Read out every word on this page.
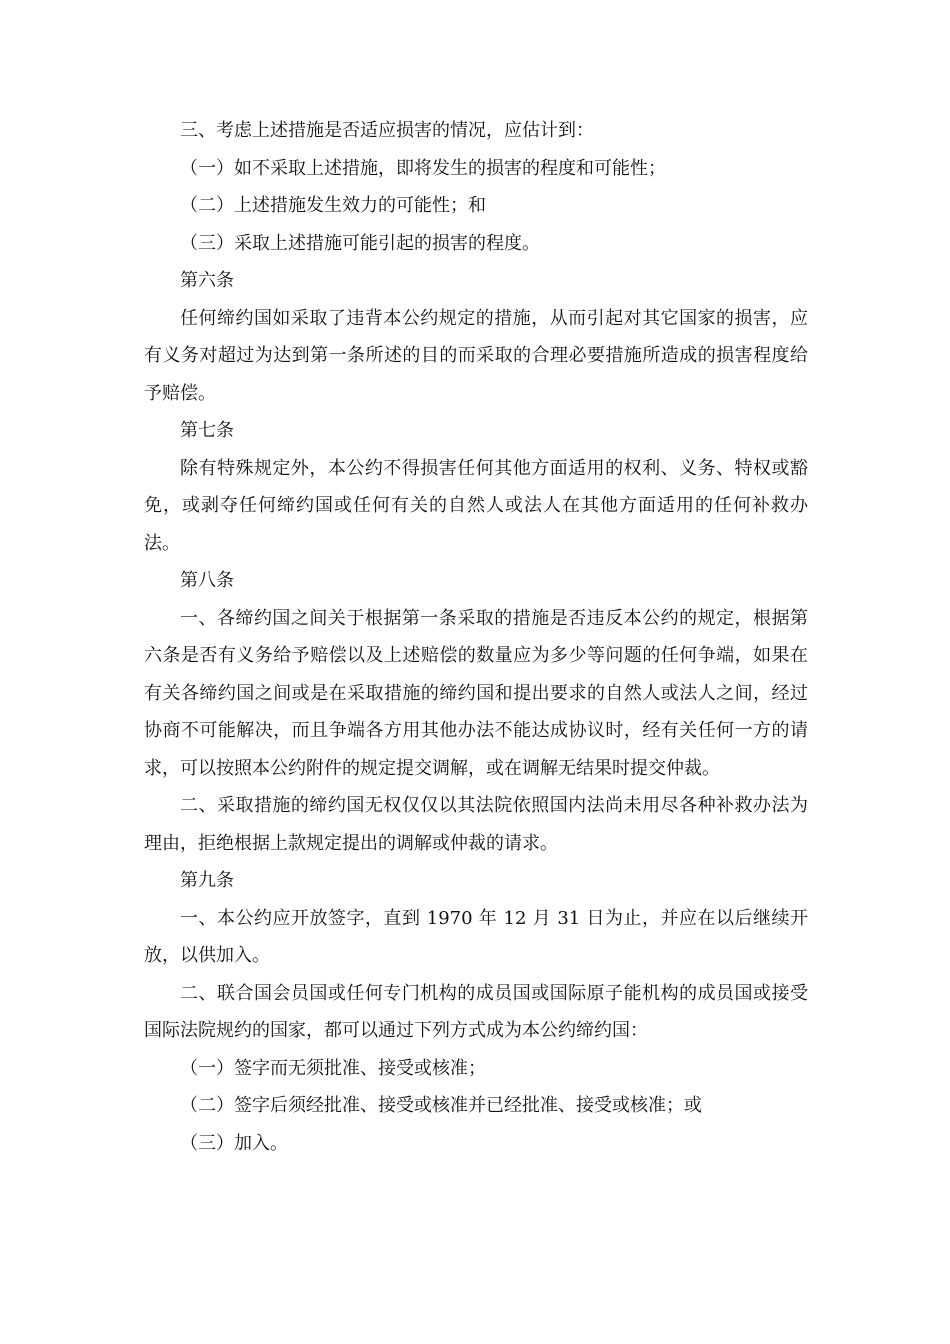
三、考虑上述措施是否适应损害的情况，应估计到：

（一）如不采取上述措施，即将发生的损害的程度和可能性；

（二）上述措施发生效力的可能性；和

（三）采取上述措施可能引起的损害的程度。

第六条

任何缔约国如采取了违背本公约规定的措施，从而引起对其它国家的损害，应有义务对超过为达到第一条所述的目的而采取的合理必要措施所造成的损害程度给予赔偿。

第七条

除有特殊规定外，本公约不得损害任何其他方面适用的权利、义务、特权或豁免，或剥夺任何缔约国或任何有关的自然人或法人在其他方面适用的任何补救办法。

第八条

一、各缔约国之间关于根据第一条采取的措施是否违反本公约的规定，根据第六条是否有义务给予赔偿以及上述赔偿的数量应为多少等问题的任何争端，如果在有关各缔约国之间或是在采取措施的缔约国和提出要求的自然人或法人之间，经过协商不可能解决，而且争端各方用其他办法不能达成协议时，经有关任何一方的请求，可以按照本公约附件的规定提交调解，或在调解无结果时提交仲裁。

二、采取措施的缔约国无权仅仅以其法院依照国内法尚未用尽各种补救办法为理由，拒绝根据上款规定提出的调解或仲裁的请求。

第九条

一、本公约应开放签字，直到 1970 年 12 月 31 日为止，并应在以后继续开放，以供加入。

二、联合国会员国或任何专门机构的成员国或国际原子能机构的成员国或接受国际法院规约的国家，都可以通过下列方式成为本公约缔约国：

（一）签字而无须批准、接受或核准；

（二）签字后须经批准、接受或核准并已经批准、接受或核准；或

（三）加入。
